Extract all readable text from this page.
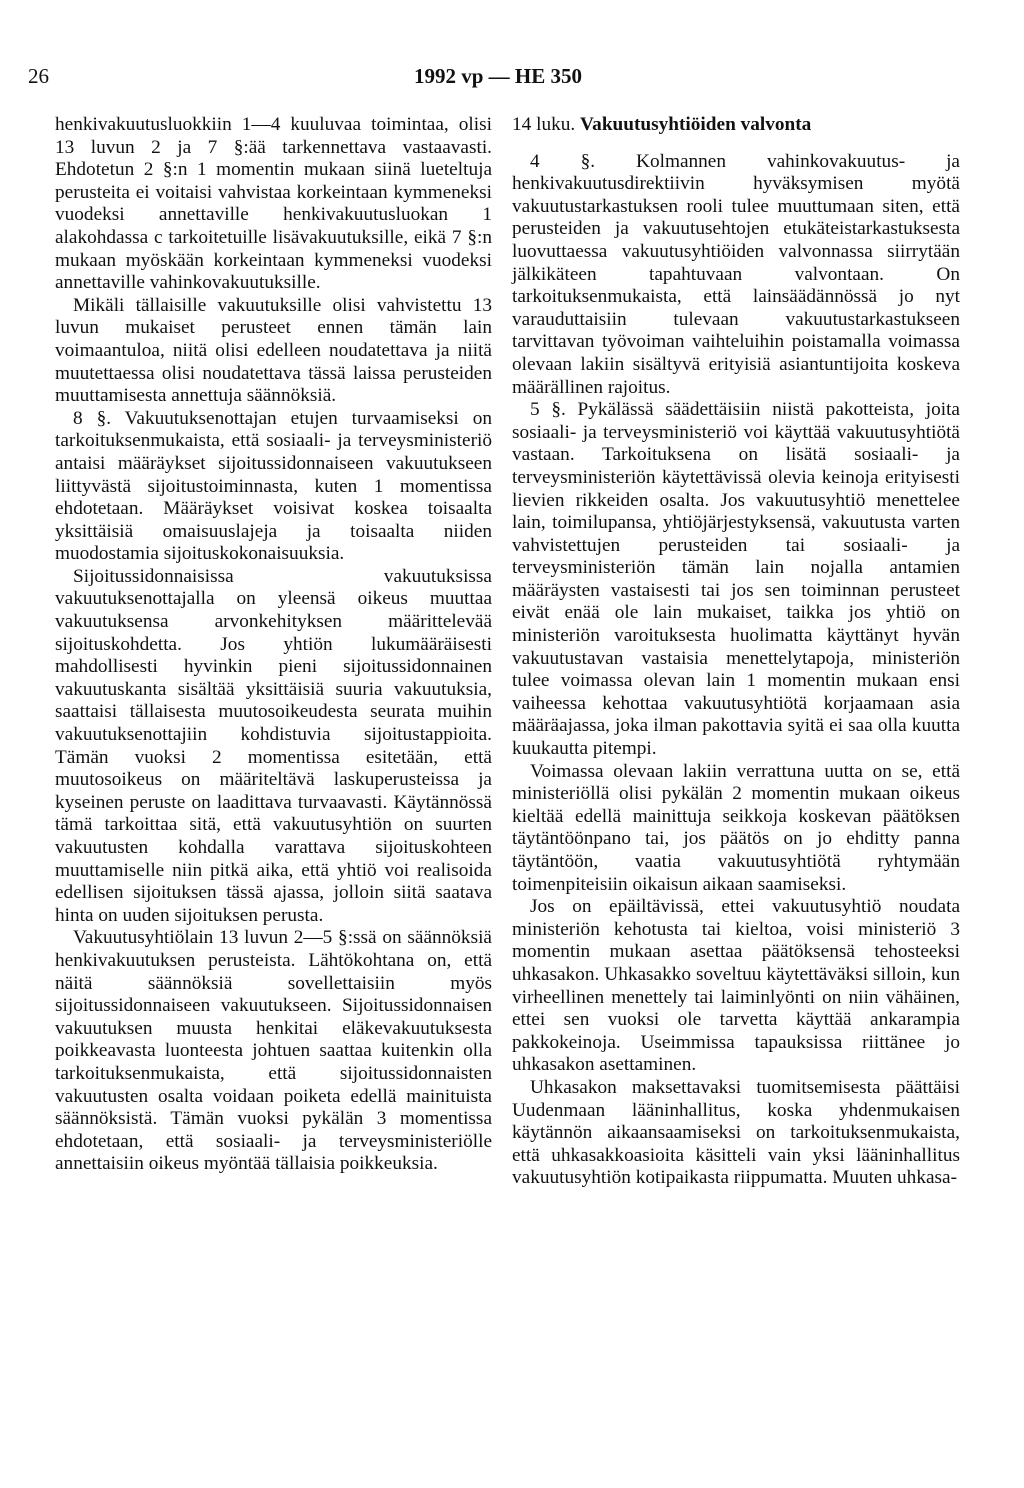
26	1992 vp — HE 350

henkivakuutusluokkiin 1—4 kuuluvaa toimintaa, olisi 13 luvun 2 ja 7 §:ää tarkennettava vastaavasti. Ehdotetun 2 §:n 1 momentin mukaan siinä lueteltuja perusteita ei voitaisi vahvistaa korkeintaan kymmeneksi vuodeksi annettaville henkivakuutusluokan 1 alakohdassa c tarkoitetuille lisävakuutuksille, eikä 7 §:n mukaan myöskään korkeintaan kymmeneksi vuodeksi annettaville vahinkovakuutuksille.

Mikäli tällaisille vakuutuksille olisi vahvistettu 13 luvun mukaiset perusteet ennen tämän lain voimaantuloa, niitä olisi edelleen noudatettava ja niitä muutettaessa olisi noudatettava tässä laissa perusteiden muuttamisesta annettuja säännöksiä.

8 §. Vakuutuksenottajan etujen turvaamiseksi on tarkoituksenmukaista, että sosiaali- ja terveysministeriö antaisi määräykset sijoitussidonnaiseen vakuutukseen liittyvästä sijoitustoiminnasta, kuten 1 momentissa ehdotetaan. Määräykset voisivat koskea toisaalta yksittäisiä omaisuuslajeja ja toisaalta niiden muodostamia sijoituskokonaisuuksia.

Sijoitussidonnaisissa vakuutuksissa vakuutuksenottajalla on yleensä oikeus muuttaa vakuutuksensa arvonkehityksen määrittelevää sijoituskohdetta. Jos yhtiön lukumääräisesti mahdollisesti hyvinkin pieni sijoitussidonnainen vakuutuskanta sisältää yksittäisiä suuria vakuutuksia, saattaisi tällaisesta muutosoikeudesta seurata muihin vakuutuksenottajiin kohdistuvia sijoitustappioita. Tämän vuoksi 2 momentissa esitetään, että muutosoikeus on määriteltävä laskuperusteissa ja kyseinen peruste on laadittava turvaavasti. Käytännössä tämä tarkoittaa sitä, että vakuutusyhtiön on suurten vakuutusten kohdalla varattava sijoituskohteen muuttamiselle niin pitkä aika, että yhtiö voi realisoida edellisen sijoituksen tässä ajassa, jolloin siitä saatava hinta on uuden sijoituksen perusta.

Vakuutusyhtiölain 13 luvun 2—5 §:ssä on säännöksiä henkivakuutuksen perusteista. Lähtökohtana on, että näitä säännöksiä sovellettaisiin myös sijoitussidonnaiseen vakuutukseen. Sijoitussidonnaisen vakuutuksen muusta henkitai eläkevakuutuksesta poikkeavasta luonteesta johtuen saattaa kuitenkin olla tarkoituksenmukaista, että sijoitussidonnaisten vakuutusten osalta voidaan poiketa edellä mainituista säännöksistä. Tämän vuoksi pykälän 3 momentissa ehdotetaan, että sosiaali- ja terveysministeriölle annettaisiin oikeus myöntää tällaisia poikkeuksia.

14 luku. Vakuutusyhtiöiden valvonta

4 §. Kolmannen vahinkovakuutus- ja henkivakuutusdirektiivin hyväksymisen myötä vakuutustarkastuksen rooli tulee muuttumaan siten, että perusteiden ja vakuutusehtojen etukäteistarkastuksesta luovuttaessa vakuutusyhtiöiden valvonnassa siirrytään jälkikäteen tapahtuvaan valvontaan. On tarkoituksenmukaista, että lainsäädännössä jo nyt varauduttaisiin tulevaan vakuutustarkastukseen tarvittavan työvoiman vaihteluihin poistamalla voimassa olevaan lakiin sisältyvä erityisiä asiantuntijoita koskeva määrällinen rajoitus.

5 §. Pykälässä säädettäisiin niistä pakotteista, joita sosiaali- ja terveysministeriö voi käyttää vakuutusyhtiötä vastaan. Tarkoituksena on lisätä sosiaali- ja terveysministeriön käytettävissä olevia keinoja erityisesti lievien rikkeiden osalta. Jos vakuutusyhtiö menettelee lain, toimilupansa, yhtiöjärjestyksensä, vakuutusta varten vahvistettujen perusteiden tai sosiaali- ja terveysministeriön tämän lain nojalla antamien määräysten vastaisesti tai jos sen toiminnan perusteet eivät enää ole lain mukaiset, taikka jos yhtiö on ministeriön varoituksesta huolimatta käyttänyt hyvän vakuutustavan vastaisia menettelytapoja, ministeriön tulee voimassa olevan lain 1 momentin mukaan ensi vaiheessa kehottaa vakuutusyhtiötä korjaamaan asia määräajassa, joka ilman pakottavia syitä ei saa olla kuutta kuukautta pitempi.

Voimassa olevaan lakiin verrattuna uutta on se, että ministeriöllä olisi pykälän 2 momentin mukaan oikeus kieltää edellä mainittuja seikkoja koskevan päätöksen täytäntöönpano tai, jos päätös on jo ehditty panna täytäntöön, vaatia vakuutusyhtiötä ryhtymään toimenpiteisiin oikaisun aikaan saamiseksi.

Jos on epäiltävissä, ettei vakuutusyhtiö noudata ministeriön kehotusta tai kieltoa, voisi ministeriö 3 momentin mukaan asettaa päätöksensä tehosteeksi uhkasakon. Uhkasakko soveltuu käytettäväksi silloin, kun virheellinen menettely tai laiminlyönti on niin vähäinen, ettei sen vuoksi ole tarvetta käyttää ankarampia pakkokeinoja. Useimmissa tapauksissa riittänee jo uhkasakon asettaminen.

Uhkasakon maksettavaksi tuomitsemisesta päättäisi Uudenmaan lääninhallitus, koska yhdenmukaisen käytännön aikaansaamiseksi on tarkoituksenmukaista, että uhkasakkoasioita käsitteli vain yksi lääninhallitus vakuutusyhtiön kotipaikasta riippumatta. Muuten uhkasa-
